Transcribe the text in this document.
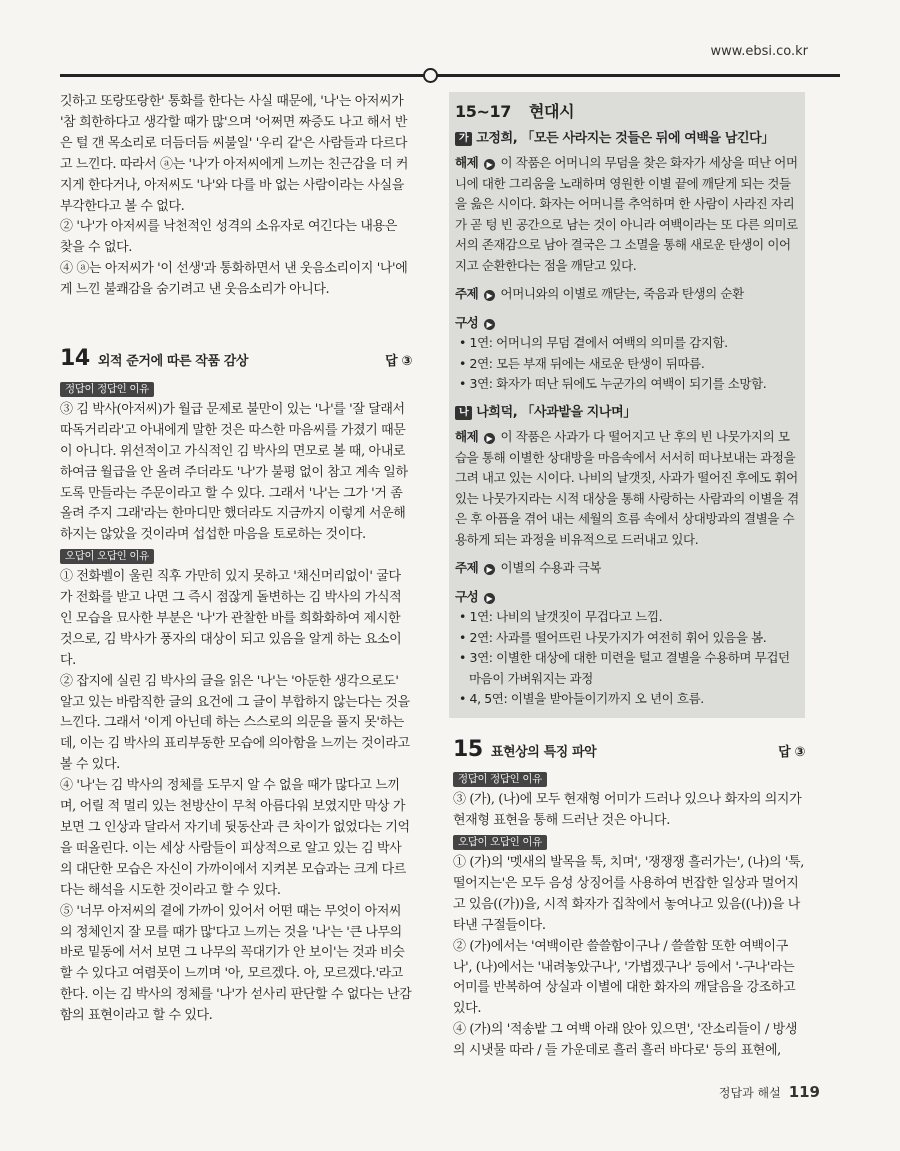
www.ebsi.co.kr

깃하고 또랑또랑한' 통화를 한다는 사실 때문에, '나'는 아저씨가 '참 희한하다고 생각할 때가 많'으며 '어쩌면 짜증도 나고 해서 반은 털 갠 목소리로 더듬더듬 씨불일' '우리 같'은 사람들과 다르다고 느낀다. 따라서 ⓐ는 '나'가 아저씨에게 느끼는 친근감을 더 커지게 한다거나, 아저씨도 '나'와 다를 바 없는 사람이라는 사실을 부각한다고 볼 수 없다.

② '나'가 아저씨를 낙천적인 성격의 소유자로 여긴다는 내용은 찾을 수 없다.

④ ⓐ는 아저씨가 '이 선생'과 통화하면서 낸 웃음소리이지 '나'에게 느낀 불쾌감을 숨기려고 낸 웃음소리가 아니다.

14 외적 준거에 따른 작품 감상	답 ③
정답이 정답인 이유

③ 김 박사(아저씨)가 월급 문제로 불만이 있는 '나'를 '잘 달래서 따독거리라'고 아내에게 말한 것은 따스한 마음씨를 가졌기 때문이 아니다. 위선적이고 가식적인 김 박사의 면모로 볼 때, 아내로 하여금 월급을 안 올려 주더라도 '나'가 불평 없이 참고 계속 일하도록 만들라는 주문이라고 할 수 있다. 그래서 '나'는 그가 '거 좀 올려 주지 그래'라는 한마디만 했더라도 지금까지 이렇게 서운해 하지는 않았을 것이라며 섭섭한 마음을 토로하는 것이다.

오답이 오답인 이유

① 전화벨이 울린 직후 가만히 있지 못하고 '채신머리없이' 굴다가 전화를 받고 나면 그 즉시 점잖게 돌변하는 김 박사의 가식적인 모습을 묘사한 부분은 '나'가 관찰한 바를 희화화하여 제시한 것으로, 김 박사가 풍자의 대상이 되고 있음을 알게 하는 요소이다.

② 잡지에 실린 김 박사의 글을 읽은 '나'는 '아둔한 생각으로도' 알고 있는 바람직한 글의 요건에 그 글이 부합하지 않는다는 것을 느낀다. 그래서 '이게 아닌데 하는 스스로의 의문을 풀지 못'하는데, 이는 김 박사의 표리부동한 모습에 의아함을 느끼는 것이라고 볼 수 있다.

④ '나'는 김 박사의 정체를 도무지 알 수 없을 때가 많다고 느끼며, 어릴 적 멀리 있는 천방산이 무척 아름다워 보였지만 막상 가보면 그 인상과 달라서 자기네 뒷동산과 큰 차이가 없었다는 기억을 떠올린다. 이는 세상 사람들이 피상적으로 알고 있는 김 박사의 대단한 모습은 자신이 가까이에서 지켜본 모습과는 크게 다르다는 해석을 시도한 것이라고 할 수 있다.

⑤ '너무 아저씨의 곁에 가까이 있어서 어떤 때는 무엇이 아저씨의 정체인지 잘 모를 때가 많'다고 느끼는 것을 '나'는 '큰 나무의 바로 밑동에 서서 보면 그 나무의 꼭대기가 안 보이'는 것과 비슷할 수 있다고 여렴풋이 느끼며 '아, 모르겠다. 아, 모르겠다.'라고 한다. 이는 김 박사의 정체를 '나'가 섣사리 판단할 수 없다는 난감함의 표현이라고 할 수 있다.

15~17 현대시
가 고정희, 「모든 사라지는 것들은 뒤에 여백을 남긴다」

해제 ▶ 이 작품은 어머니의 무덤을 찾은 화자가 세상을 떠난 어머니에 대한 그리움을 노래하며 영원한 이별 끝에 깨닫게 되는 것들을 읊은 시이다. 화자는 어머니를 추억하며 한 사람이 사라진 자리가 곧 텅 빈 공간으로 남는 것이 아니라 여백이라는 또 다른 의미로서의 존재감으로 남아 결국은 그 소멸을 통해 새로운 탄생이 이어지고 순환한다는 점을 깨닫고 있다.

주제 ▶ 어머니와의 이별로 깨닫는, 죽음과 탄생의 순환

구성 ▶

• 1연: 어머니의 무덤 곁에서 여백의 의미를 감지함.
• 2연: 모든 부재 뒤에는 새로운 탄생이 뒤따름.
• 3연: 화자가 떠난 뒤에도 누군가의 여백이 되기를 소망함.
나 나희덕, 「사과밭을 지나며」

해제 ▶ 이 작품은 사과가 다 떨어지고 난 후의 빈 나뭇가지의 모습을 통해 이별한 상대방을 마음속에서 서서히 떠나보내는 과정을 그려 내고 있는 시이다. 나비의 날갯짓, 사과가 떨어진 후에도 휘어 있는 나뭇가지라는 시적 대상을 통해 사랑하는 사람과의 이별을 겪은 후 아픔을 겪어 내는 세월의 흐름 속에서 상대방과의 결별을 수용하게 되는 과정을 비유적으로 드러내고 있다.

주제 ▶ 이별의 수용과 극복

구성 ▶

• 1연: 나비의 날갯짓이 무겁다고 느낌.
• 2연: 사과를 떨어뜨린 나뭇가지가 여전히 휘어 있음을 봄.
• 3연: 이별한 대상에 대한 미련을 털고 결별을 수용하며 무겁던 마음이 가벼워지는 과정
• 4, 5연: 이별을 받아들이기까지 오 년이 흐름.
15 표현상의 특징 파악	답 ③
정답이 정답인 이유

③ (가), (나)에 모두 현재형 어미가 드러나 있으나 화자의 의지가 현재형 표현을 통해 드러난 것은 아니다.

오답이 오답인 이유

① (가)의 '멧새의 발목을 툭, 치며', '쟁쟁쟁 흘러가는', (나)의 '툭, 떨어지는'은 모두 음성 상징어를 사용하여 번잡한 일상과 멀어지고 있음((가))을, 시적 화자가 집착에서 놓여나고 있음((나))을 나타낸 구절들이다.

② (가)에서는 '여백이란 쓸쓸함이구나 / 쓸쓸함 또한 여백이구나', (나)에서는 '내려놓았구나', '가볍겠구나' 등에서 '-구나'라는 어미를 반복하여 상실과 이별에 대한 화자의 깨달음을 강조하고 있다.

④ (가)의 '적송밭 그 여백 아래 앉아 있으면', '잔소리들이 / 방생의 시냇물 따라 / 들 가운데로 흘러 흘러 바다로' 등의 표현에,

정답과 해설 119
